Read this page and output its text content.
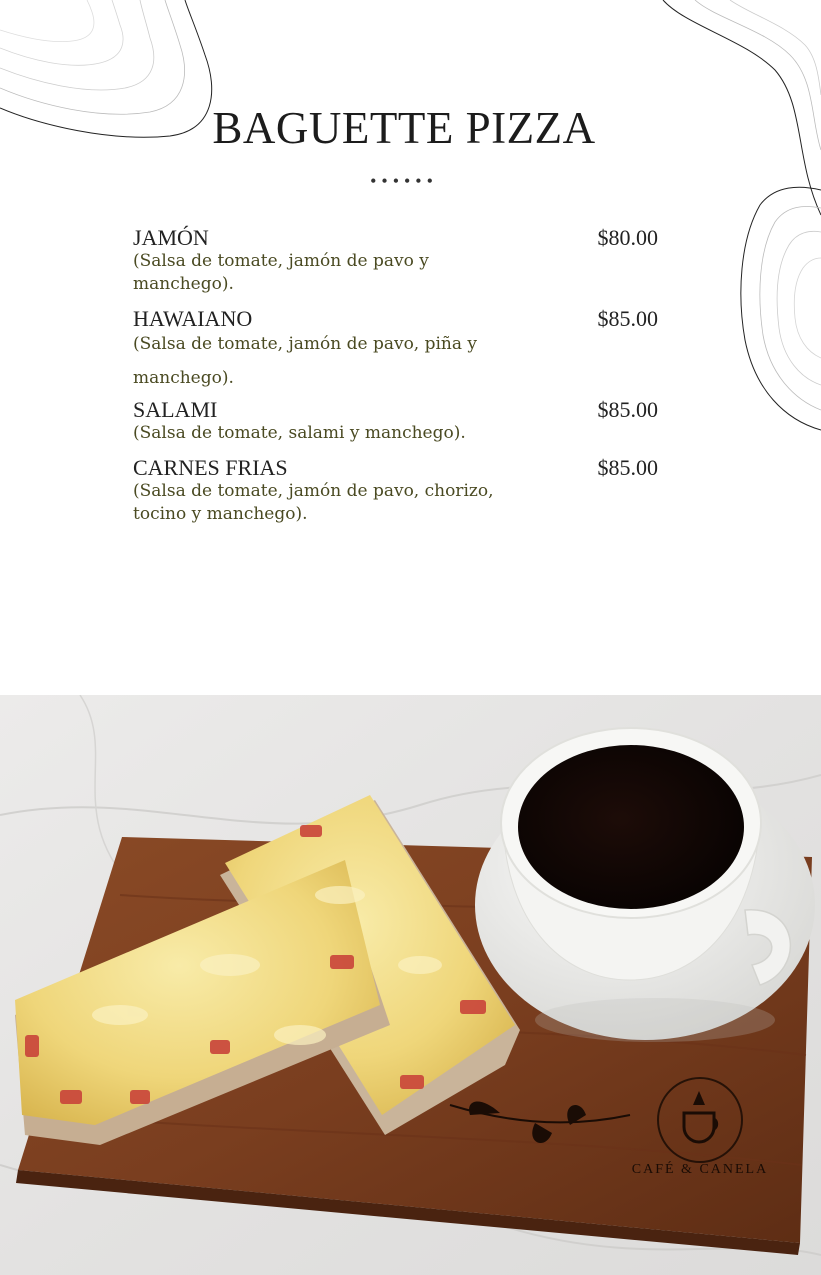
BAGUETTE PIZZA
••••••
JAMÓN	$80.00
(Salsa de tomate, jamón de pavo y manchego).
HAWAIANO	$85.00
(Salsa de tomate, jamón de pavo, piña y manchego).
SALAMI	$85.00
(Salsa de tomate, salami y manchego).
CARNES FRIAS	$85.00
(Salsa de tomate, jamón de pavo, chorizo, tocino y manchego).
CAFÉ & CANELA
